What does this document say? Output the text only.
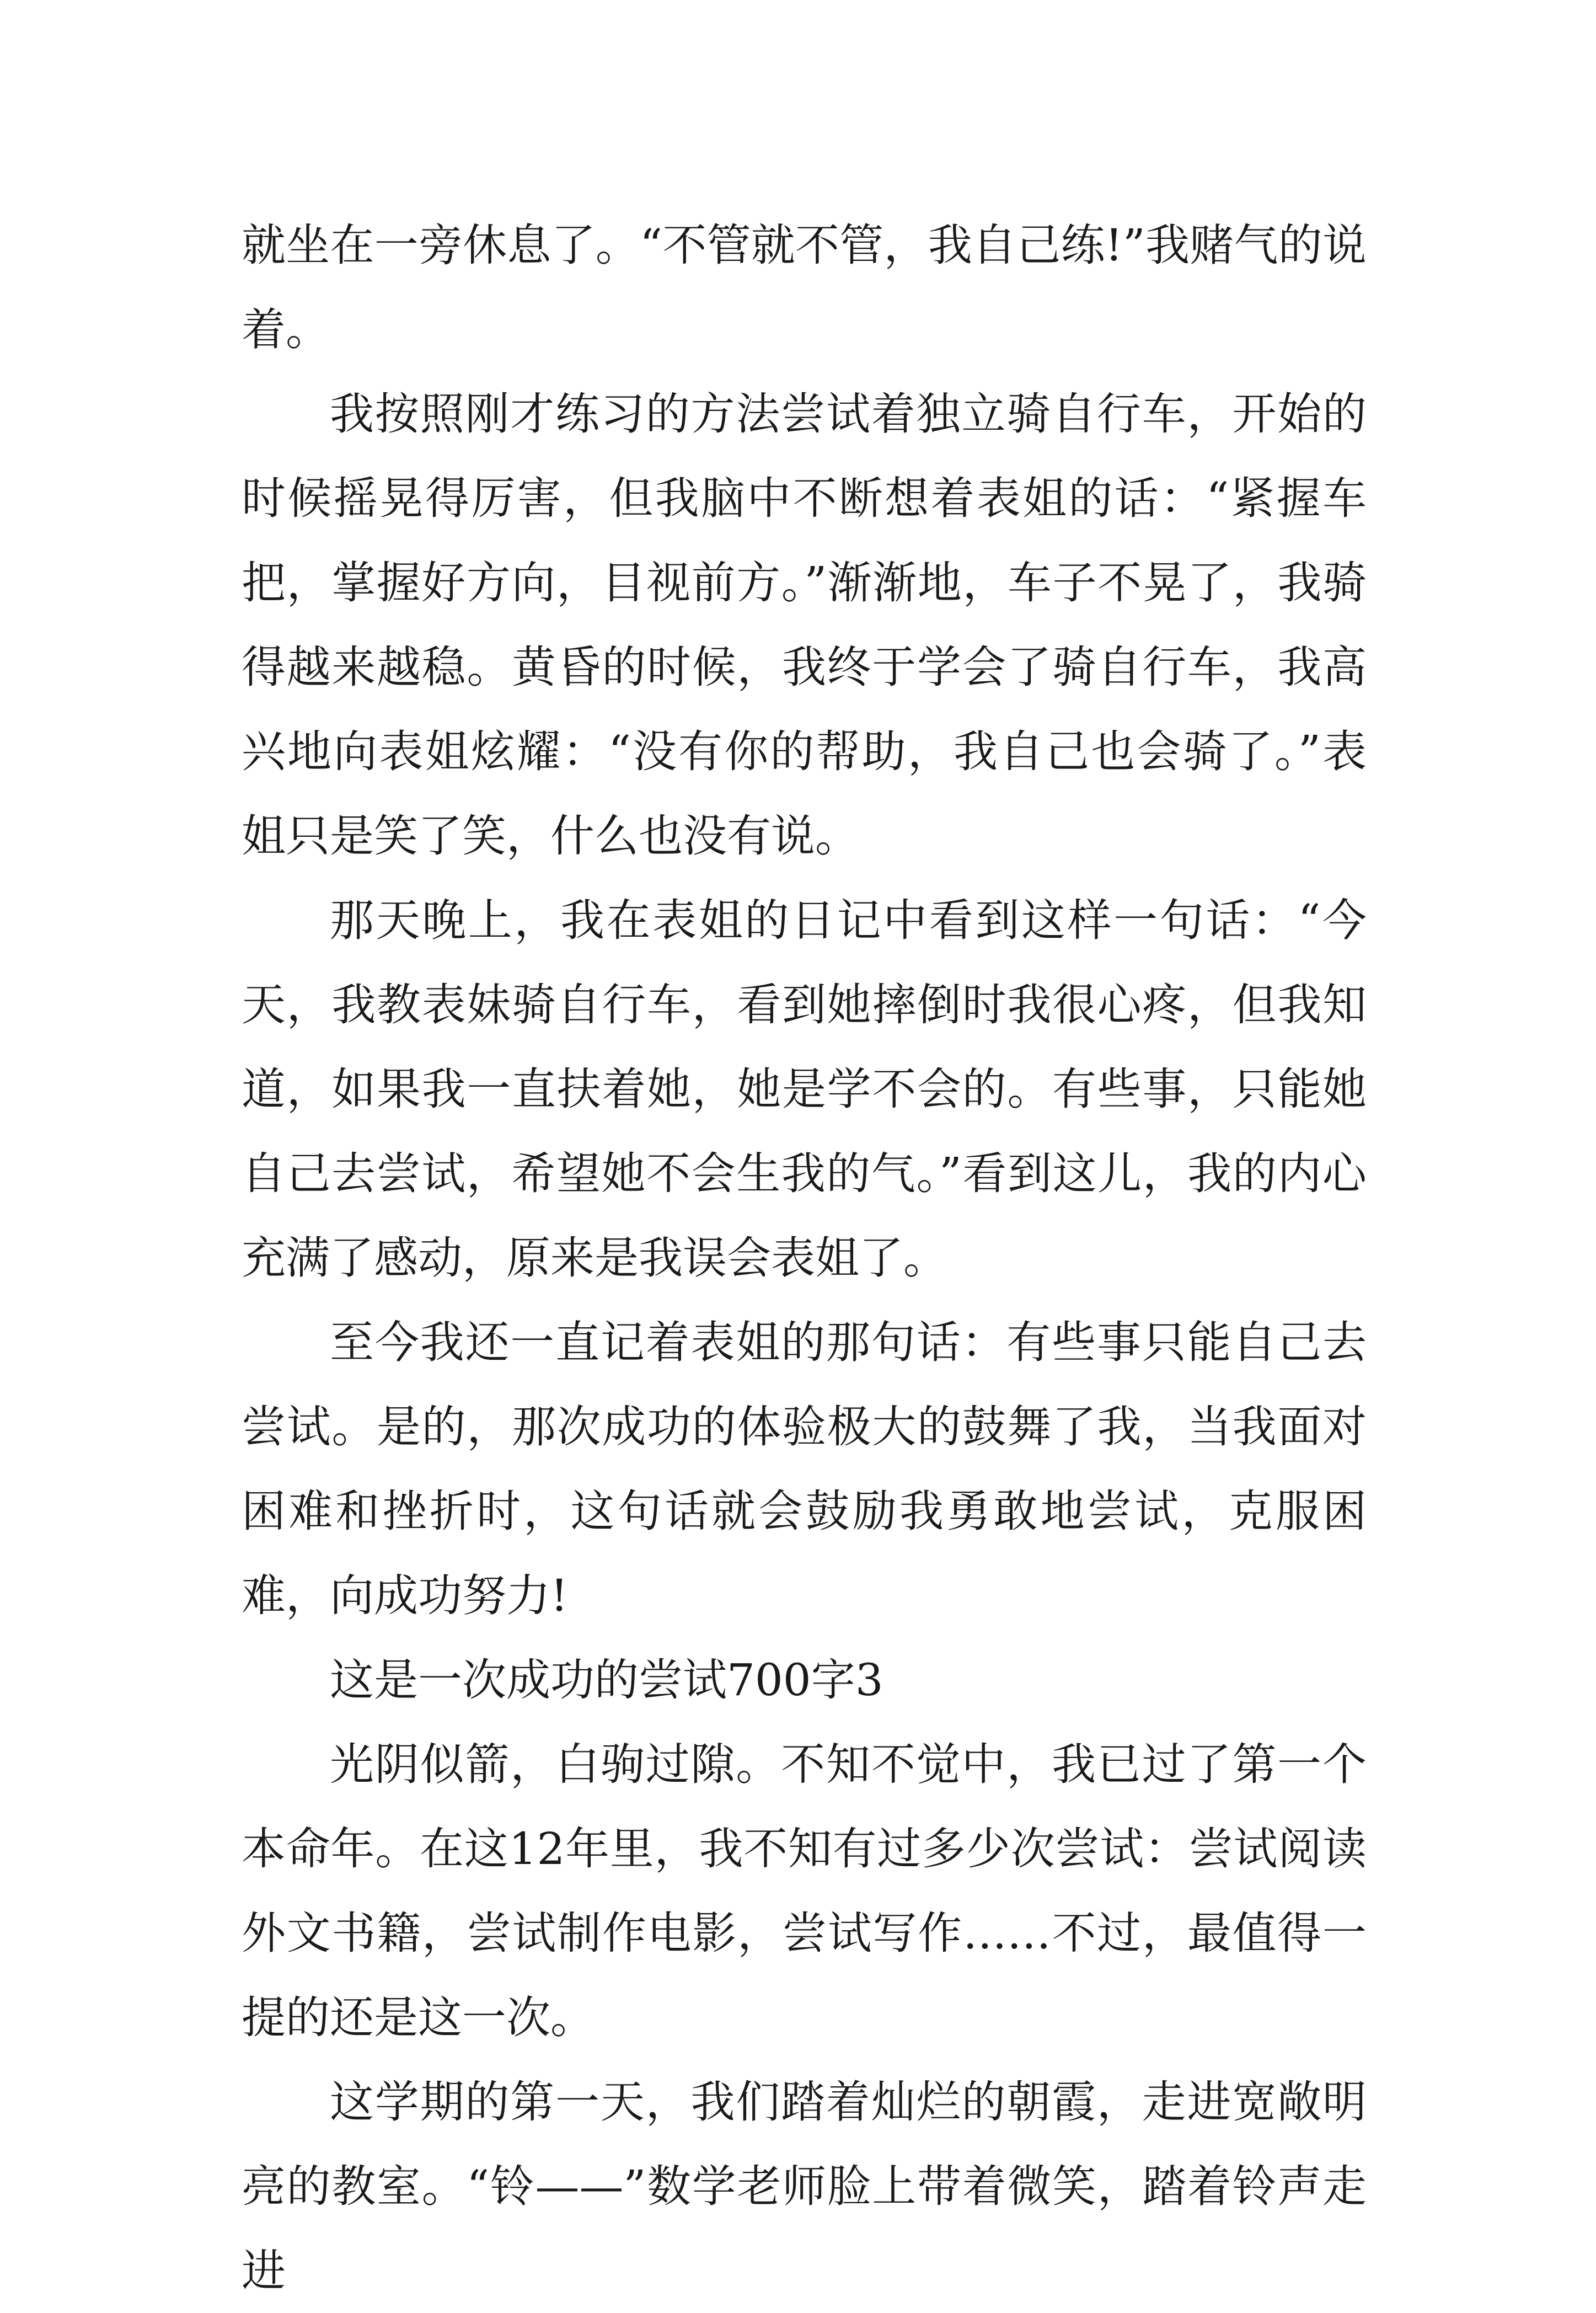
就坐在一旁休息了。“不管就不管，我自己练!”我赌气的说着。

我按照刚才练习的方法尝试着独立骑自行车，开始的时候摇晃得厉害，但我脑中不断想着表姐的话：“紧握车把，掌握好方向，目视前方。”渐渐地，车子不晃了，我骑得越来越稳。黄昏的时候，我终于学会了骑自行车，我高兴地向表姐炫耀：“没有你的帮助，我自己也会骑了。”表姐只是笑了笑，什么也没有说。

那天晚上，我在表姐的日记中看到这样一句话：“今天，我教表妹骑自行车，看到她摔倒时我很心疼，但我知道，如果我一直扶着她，她是学不会的。有些事，只能她自己去尝试，希望她不会生我的气。”看到这儿，我的内心充满了感动，原来是我误会表姐了。

至今我还一直记着表姐的那句话：有些事只能自己去尝试。是的，那次成功的体验极大的鼓舞了我，当我面对困难和挫折时，这句话就会鼓励我勇敢地尝试，克服困难，向成功努力!

这是一次成功的尝试700字3

光阴似箭，白驹过隙。不知不觉中，我已过了第一个本命年。在这12年里，我不知有过多少次尝试：尝试阅读外文书籍，尝试制作电影，尝试写作……不过，最值得一提的还是这一次。

这学期的第一天，我们踏着灿烂的朝霞，走进宽敞明亮的教室。“铃——”数学老师脸上带着微笑，踏着铃声走进
